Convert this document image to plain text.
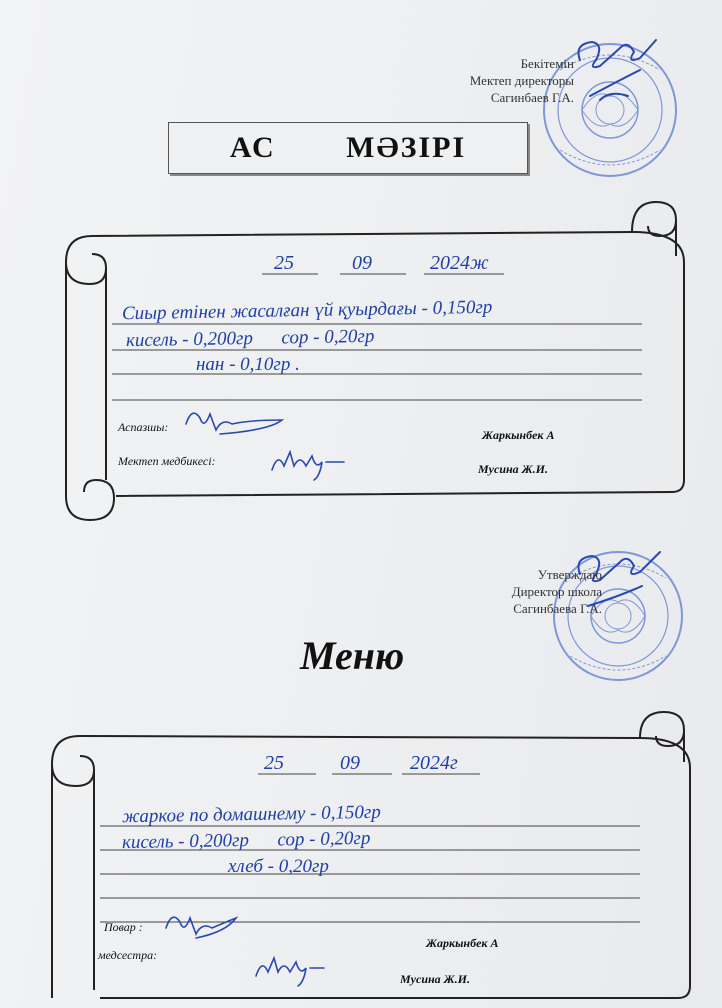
Бекітемін
Мектеп директоры
Сагинбаев Г.А.
АС   МӘЗІРІ
25	09	2024ж
Сиыр етінен жасалған үй қуырдағы - 0,150гр
кисель - 0,200гр      сор - 0,20гр
нан - 0,10гр .
Аспазшы:
Жаркынбек А
Мектеп медбикесі:
Мусина Ж.И.
Утверждаю
Директор школа
Сагинбаева Г.А.
Меню
25	09	2024г
жаркое по домашнему - 0,150гр
кисель - 0,200гр      сор - 0,20гр
хлеб - 0,20гр
Повар :
Жаркынбек А
медсестра:
Мусина Ж.И.
